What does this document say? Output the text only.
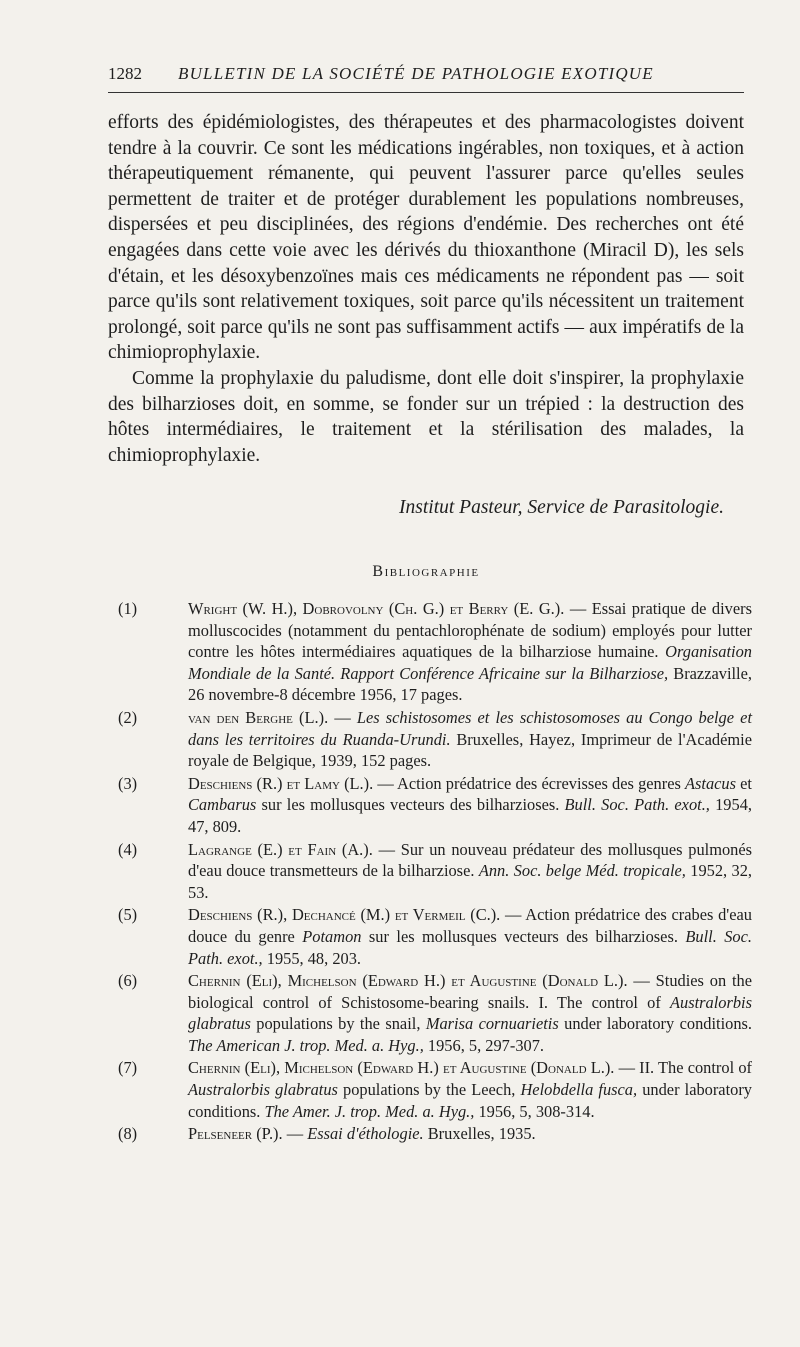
1282 BULLETIN DE LA SOCIÉTÉ DE PATHOLOGIE EXOTIQUE

efforts des épidémiologistes, des thérapeutes et des pharmacologistes doivent tendre à la couvrir. Ce sont les médications ingérables, non toxiques, et à action thérapeutiquement rémanente, qui peuvent l'assurer parce qu'elles seules permettent de traiter et de protéger durablement les populations nombreuses, dispersées et peu disciplinées, des régions d'endémie. Des recherches ont été engagées dans cette voie avec les dérivés du thioxanthone (Miracil D), les sels d'étain, et les désoxybenzoïnes mais ces médicaments ne répondent pas — soit parce qu'ils sont relativement toxiques, soit parce qu'ils nécessitent un traitement prolongé, soit parce qu'ils ne sont pas suffisamment actifs — aux impératifs de la chimioprophylaxie.

Comme la prophylaxie du paludisme, dont elle doit s'inspirer, la prophylaxie des bilharzioses doit, en somme, se fonder sur un trépied : la destruction des hôtes intermédiaires, le traitement et la stérilisation des malades, la chimioprophylaxie.

Institut Pasteur, Service de Parasitologie.
Bibliographie
(1)	Wright (W. H.), Dobrovolny (Ch. G.) et Berry (E. G.). — Essai pratique de divers molluscocides (notamment du pentachlorophénate de sodium) employés pour lutter contre les hôtes intermédiaires aquatiques de la bilharziose humaine. Organisation Mondiale de la Santé. Rapport Conférence Africaine sur la Bilharziose, Brazzaville, 26 novembre-8 décembre 1956, 17 pages.
(2)	van den Berghe (L.). — Les schistosomes et les schistosomoses au Congo belge et dans les territoires du Ruanda-Urundi. Bruxelles, Hayez, Imprimeur de l'Académie royale de Belgique, 1939, 152 pages.
(3)	Deschiens (R.) et Lamy (L.). — Action prédatrice des écrevisses des genres Astacus et Cambarus sur les mollusques vecteurs des bilharzioses. Bull. Soc. Path. exot., 1954, 47, 809.
(4)	Lagrange (E.) et Fain (A.). — Sur un nouveau prédateur des mollusques pulmonés d'eau douce transmetteurs de la bilharziose. Ann. Soc. belge Méd. tropicale, 1952, 32, 53.
(5)	Deschiens (R.), Dechancé (M.) et Vermeil (C.). — Action prédatrice des crabes d'eau douce du genre Potamon sur les mollusques vecteurs des bilharzioses. Bull. Soc. Path. exot., 1955, 48, 203.
(6)	Chernin (Eli), Michelson (Edward H.) et Augustine (Donald L.). — Studies on the biological control of Schistosome-bearing snails. I. The control of Australorbis glabratus populations by the snail, Marisa cornuarietis under laboratory conditions. The American J. trop. Med. a. Hyg., 1956, 5, 297-307.
(7)	Chernin (Eli), Michelson (Edward H.) et Augustine (Donald L.). — II. The control of Australorbis glabratus populations by the Leech, Helobdella fusca, under laboratory conditions. The Amer. J. trop. Med. a. Hyg., 1956, 5, 308-314.
(8)	Pelseneer (P.). — Essai d'éthologie. Bruxelles, 1935.
